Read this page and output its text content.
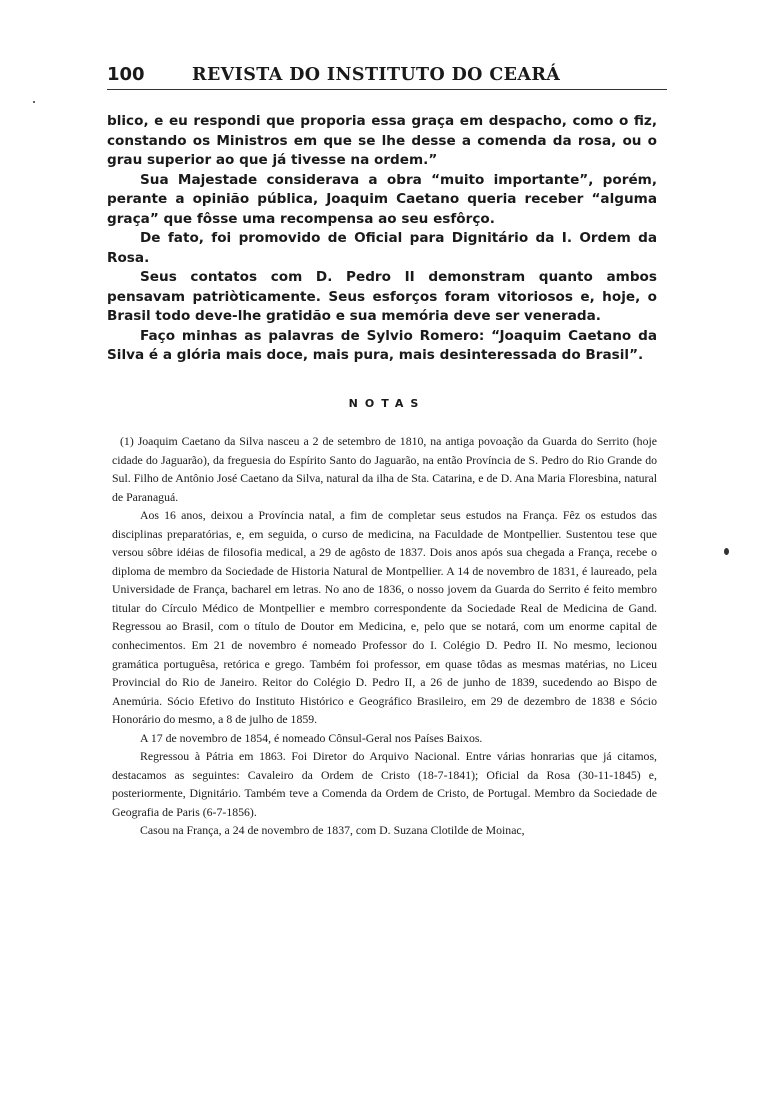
100	REVISTA DO INSTITUTO DO CEARÁ

blico, e eu respondi que proporia essa graça em despacho, como o fiz, constando os Ministros em que se lhe desse a comenda da rosa, ou o grau superior ao que já tivesse na ordem.”

Sua Majestade considerava a obra “muito importante”, porém, perante a opinião pública, Joaquim Caetano queria receber “alguma graça” que fôsse uma recompensa ao seu esfôrço.

De fato, foi promovido de Oficial para Dignitário da I. Ordem da Rosa.

Seus contatos com D. Pedro II demonstram quanto ambos pensavam patriòticamente. Seus esforços foram vitoriosos e, hoje, o Brasil todo deve-lhe gratidão e sua memória deve ser venerada.

Faço minhas as palavras de Sylvio Romero: “Joaquim Caetano da Silva é a glória mais doce, mais pura, mais desinteressada do Brasil”.

NOTAS

(1) Joaquim Caetano da Silva nasceu a 2 de setembro de 1810, na antiga povoação da Guarda do Serrito (hoje cidade do Jaguarão), da freguesia do Espírito Santo do Jaguarão, na então Província de S. Pedro do Rio Grande do Sul. Filho de Antônio José Caetano da Silva, natural da ilha de Sta. Catarina, e de D. Ana Maria Floresbina, natural de Paranaguá.

Aos 16 anos, deixou a Província natal, a fim de completar seus estudos na França. Fêz os estudos das disciplinas preparatórias, e, em seguida, o curso de medicina, na Faculdade de Montpellier. Sustentou tese que versou sôbre idéias de filosofia medical, a 29 de agôsto de 1837. Dois anos após sua chegada a França, recebe o diploma de membro da Sociedade de Historia Natural de Montpellier. A 14 de novembro de 1831, é laureado, pela Universidade de França, bacharel em letras. No ano de 1836, o nosso jovem da Guarda do Serrito é feito membro titular do Círculo Médico de Montpellier e membro correspondente da Sociedade Real de Medicina de Gand. Regressou ao Brasil, com o título de Doutor em Medicina, e, pelo que se notará, com um enorme capital de conhecimentos. Em 21 de novembro é nomeado Professor do I. Colégio D. Pedro II. No mesmo, lecionou gramática portuguêsa, retórica e grego. Também foi professor, em quase tôdas as mesmas matérias, no Liceu Provincial do Rio de Janeiro. Reitor do Colégio D. Pedro II, a 26 de junho de 1839, sucedendo ao Bispo de Anemúria. Sócio Efetivo do Instituto Histórico e Geográfico Brasileiro, em 29 de dezembro de 1838 e Sócio Honorário do mesmo, a 8 de julho de 1859.

A 17 de novembro de 1854, é nomeado Cônsul-Geral nos Países Baixos.

Regressou à Pátria em 1863. Foi Diretor do Arquivo Nacional. Entre várias honrarias que já citamos, destacamos as seguintes: Cavaleiro da Ordem de Cristo (18-7-1841); Oficial da Rosa (30-11-1845) e, posteriormente, Dignitário. Também teve a Comenda da Ordem de Cristo, de Portugal. Membro da Sociedade de Geografia de Paris (6-7-1856).

Casou na França, a 24 de novembro de 1837, com D. Suzana Clotilde de Moinac,
